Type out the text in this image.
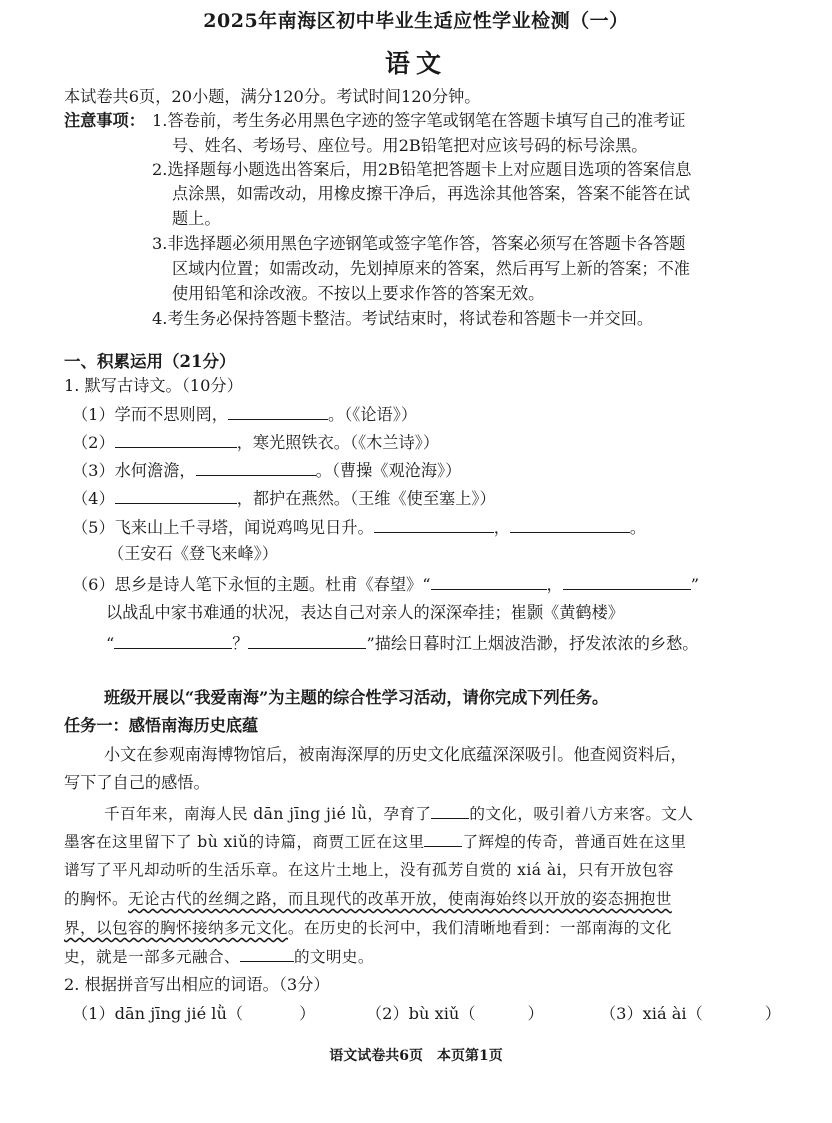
2025年南海区初中毕业生适应性学业检测（一）
语文
本试卷共6页，20小题，满分120分。考试时间120分钟。
注意事项： 1.答卷前，考生务必用黑色字迹的签字笔或钢笔在答题卡填写自己的准考证
号、姓名、考场号、座位号。用2B铅笔把对应该号码的标号涂黑。
2.选择题每小题选出答案后，用2B铅笔把答题卡上对应题目选项的答案信息
点涂黑，如需改动，用橡皮擦干净后，再选涂其他答案，答案不能答在试
题上。
3.非选择题必须用黑色字迹钢笔或签字笔作答，答案必须写在答题卡各答题
区域内位置；如需改动，先划掉原来的答案，然后再写上新的答案；不准
使用铅笔和涂改液。不按以上要求作答的答案无效。
4.考生务必保持答题卡整洁。考试结束时，将试卷和答题卡一并交回。
一、积累运用（21分）
1. 默写古诗文。（10分）
（1）学而不思则罔，	。（《论语》）
（2）	，寒光照铁衣。（《木兰诗》）
（3）水何澹澹，	。（曹操《观沧海》）
（4）	，都护在燕然。（王维《使至塞上》）
（5）飞来山上千寻塔，闻说鸡鸣见日升。	，	。
（王安石《登飞来峰》）
（6）思乡是诗人笔下永恒的主题。杜甫《春望》“	，	”
以战乱中家书难通的状况，表达自己对亲人的深深牵挂；崔颢《黄鹤楼》
“	？	”描绘日暮时江上烟波浩渺，抒发浓浓的乡愁。
班级开展以“我爱南海”为主题的综合性学习活动，请你完成下列任务。
任务一：感悟南海历史底蕴
小文在参观南海博物馆后，被南海深厚的历史文化底蕴深深吸引。他查阅资料后，
写下了自己的感悟。
千百年来，南海人民 dān jīng jié lǜ，孕育了 的文化，吸引着八方来客。文人
墨客在这里留下了 bù xiǔ的诗篇，商贾工匠在这里 了辉煌的传奇，普通百姓在这里
谱写了平凡却动听的生活乐章。在这片土地上，没有孤芳自赏的 xiá ài，只有开放包容
的胸怀。无论古代的丝绸之路，而且现代的改革开放，使南海始终以开放的姿态拥抱世
界，以包容的胸怀接纳多元文化。在历史的长河中，我们清晰地看到：一部南海的文化
史，就是一部多元融合、	的文明史。
2. 根据拼音写出相应的词语。（3分）
（1）dān jīng jié lǜ（	）	（2）bù xiǔ（	）	（3）xiá ài（	）
语文试卷共6页　本页第1页
